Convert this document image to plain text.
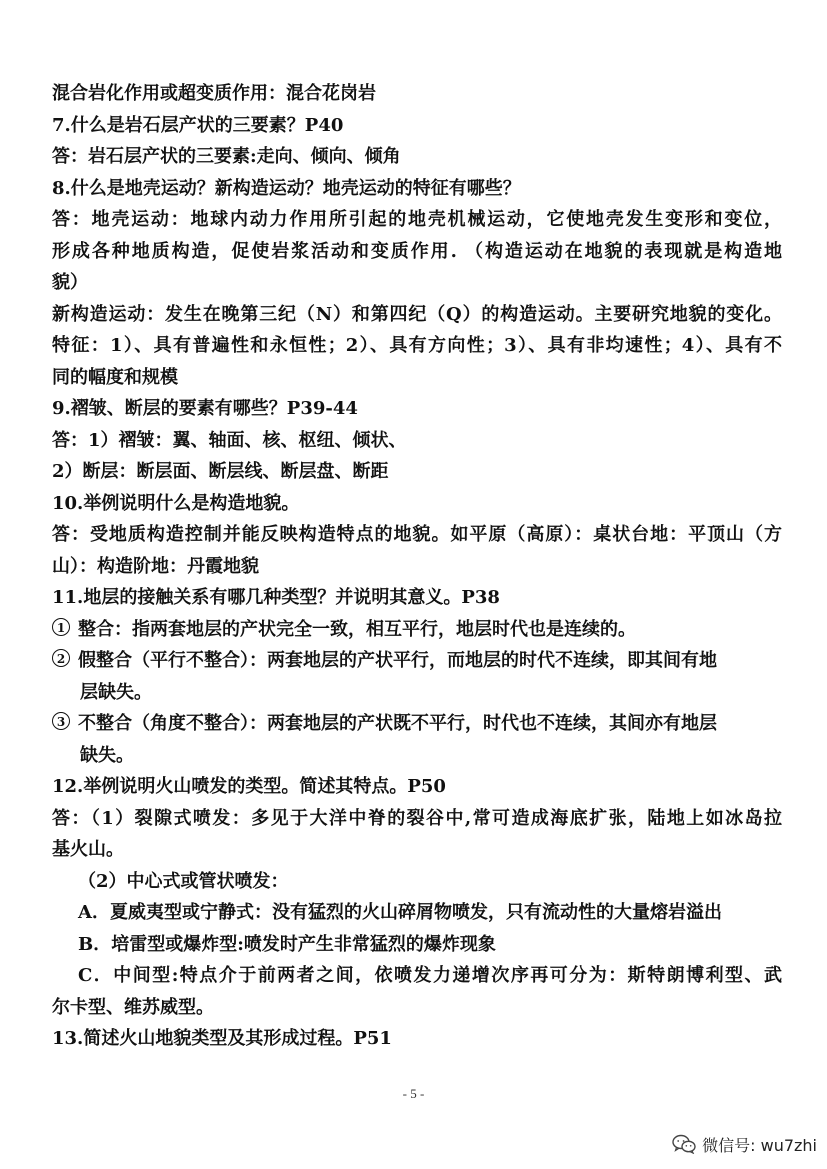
混合岩化作用或超变质作用：混合花岗岩
7.什么是岩石层产状的三要素？P40
答：岩石层产状的三要素:走向、倾向、倾角
8.什么是地壳运动？新构造运动？地壳运动的特征有哪些？
答：地壳运动：地球内动力作用所引起的地壳机械运动，它使地壳发生变形和变位，
形成各种地质构造，促使岩浆活动和变质作用. （构造运动在地貌的表现就是构造地
貌）
新构造运动：发生在晚第三纪（N）和第四纪（Q）的构造运动。主要研究地貌的变化。
特征：1）、具有普遍性和永恒性；2）、具有方向性；3）、具有非均速性；4）、具有不
同的幅度和规模
9.褶皱、断层的要素有哪些？P39-44
答：1）褶皱：翼、轴面、核、枢纽、倾状、
2）断层：断层面、断层线、断层盘、断距
10.举例说明什么是构造地貌。
答：受地质构造控制并能反映构造特点的地貌。如平原（高原）：桌状台地：平顶山（方
山）：构造阶地：丹霞地貌
11.地层的接触关系有哪几种类型？并说明其意义。P38
1 整合：指两套地层的产状完全一致，相互平行，地层时代也是连续的。
2 假整合（平行不整合）：两套地层的产状平行，而地层的时代不连续，即其间有地
层缺失。
3 不整合（角度不整合）：两套地层的产状既不平行，时代也不连续，其间亦有地层
缺失。
12.举例说明火山喷发的类型。简述其特点。P50
答：（1）裂隙式喷发：多见于大洋中脊的裂谷中,常可造成海底扩张，陆地上如冰岛拉
基火山。
（2）中心式或管状喷发：
A．夏威夷型或宁静式：没有猛烈的火山碎屑物喷发，只有流动性的大量熔岩溢出
B．培雷型或爆炸型:喷发时产生非常猛烈的爆炸现象
C．中间型:特点介于前两者之间，依喷发力递增次序再可分为：斯特朗博利型、武
尔卡型、维苏威型。
13.简述火山地貌类型及其形成过程。P51
- 5 -
微信号: wu7zhi
